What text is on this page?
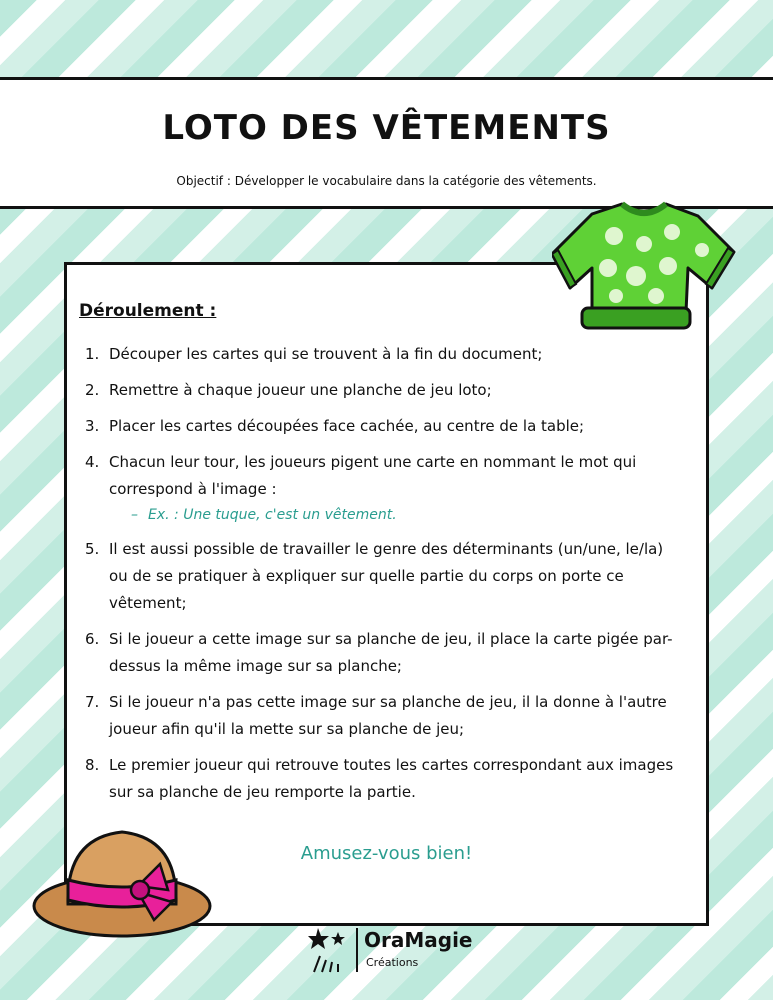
LOTO DES VÊTEMENTS
Objectif : Développer le vocabulaire dans la catégorie des vêtements.
Déroulement :
1. Découper les cartes qui se trouvent à la fin du document;
2. Remettre à chaque joueur une planche de jeu loto;
3. Placer les cartes découpées face cachée, au centre de la table;
4. Chacun leur tour, les joueurs pigent une carte en nommant le mot qui correspond à l'image :
– Ex. : Une tuque, c'est un vêtement.
5. Il est aussi possible de travailler le genre des déterminants (un/une, le/la) ou de se pratiquer à expliquer sur quelle partie du corps on porte ce vêtement;
6. Si le joueur a cette image sur sa planche de jeu, il place la carte pigée par-dessus la même image sur sa planche;
7. Si le joueur n'a pas cette image sur sa planche de jeu, il la donne à l'autre joueur afin qu'il la mette sur sa planche de jeu;
8. Le premier joueur qui retrouve toutes les cartes correspondant aux images sur sa planche de jeu remporte la partie.
Amusez-vous bien!
OraMagie
Créations
